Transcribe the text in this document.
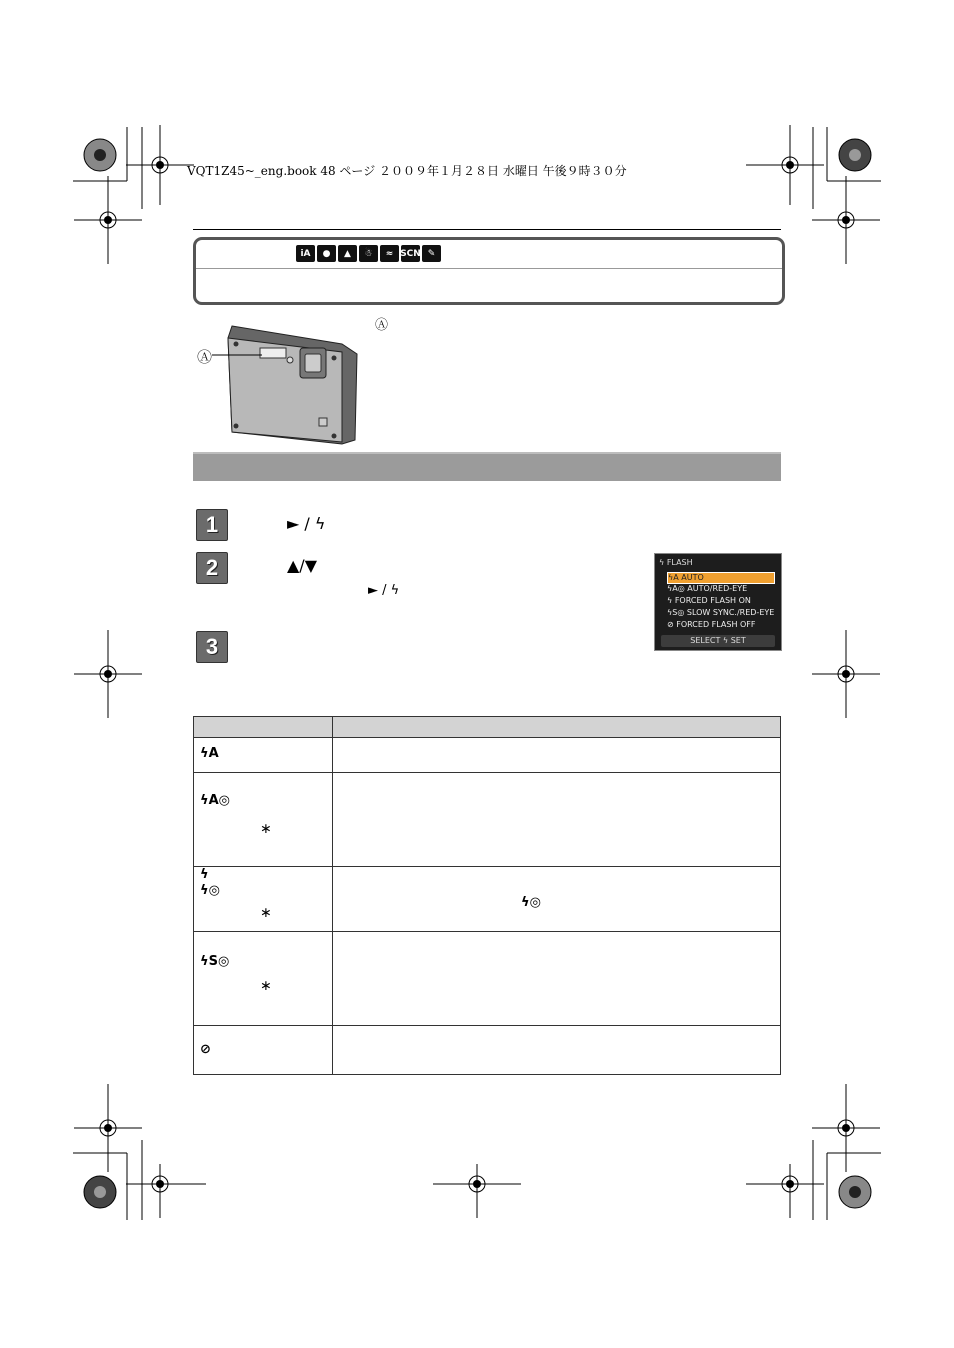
VQT1Z45~_eng.book 48 ページ ２００９年１月２８日 水曜日 午後９時３０分
iA	●	▲	☃	≈ SCN ✎
Ⓐ
Ⓐ
1	► / ϟ
2	▲/▼
► / ϟ
3
ϟ FLASH
ϟA AUTO
ϟA◎ AUTO/RED-EYE
ϟ FORCED FLASH ON
ϟS◎ SLOW SYNC./RED-EYE
⊘ FORCED FLASH OFF
SELECT ϟ SET

ϟA	

ϟA◎
∗	

ϟ
ϟ◎
∗	ϟ◎

ϟS◎
∗	

⊘	
